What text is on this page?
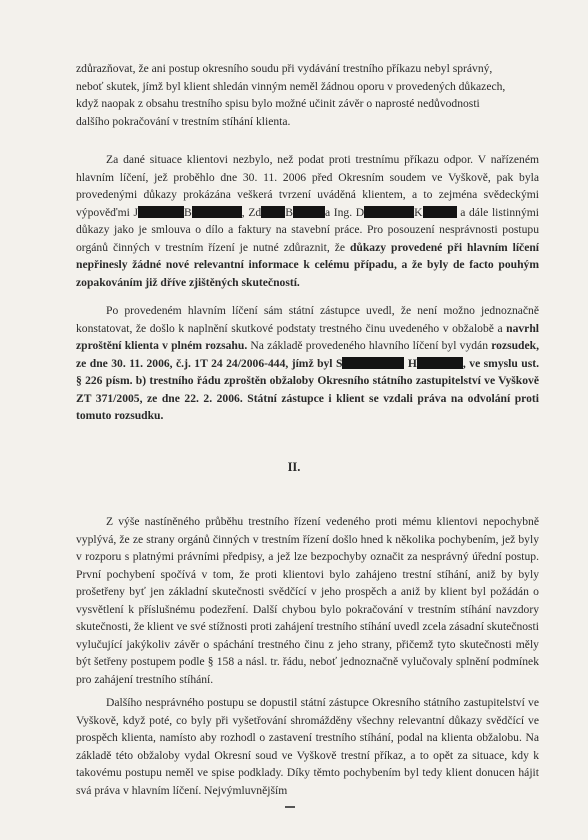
zdůrazňovat, že ani postup okresního soudu při vydávání trestního příkazu nebyl správný,
neboť skutek, jímž byl klient shledán vinným neměl žádnou oporu v provedených důkazech,
když naopak z obsahu trestního spisu bylo možné učinit závěr o naprosté nedůvodnosti
dalšího pokračování v trestním stíhání klienta.

Za dané situace klientovi nezbylo, než podat proti trestnímu příkazu odpor. V nařízeném hlavním líčení, jež proběhlo dne 30. 11. 2006 před Okresním soudem ve Vyškově, pak byla provedenými důkazy prokázána veškerá tvrzení uváděná klientem, a to zejména svědeckými výpověďmi J	B	, Zd B	a Ing. D	K	a dále listinnými důkazy jako je smlouva o dílo a faktury na stavební práce. Pro posouzení nesprávnosti postupu orgánů činných v trestním řízení je nutné zdůraznit, že důkazy provedené při hlavním líčení nepřinesly žádné nové relevantní informace k celému případu, a že byly de facto pouhým zopakováním již dříve zjištěných skutečností.

Po provedeném hlavním líčení sám státní zástupce uvedl, že není možno jednoznačně konstatovat, že došlo k naplnění skutkové podstaty trestného činu uvedeného v obžalobě a navrhl zproštění klienta v plném rozsahu. Na základě provedeného hlavního líčení byl vydán rozsudek, ze dne 30. 11. 2006, č.j. 1T 24 24/2006-444, jímž byl S	H	, ve smyslu ust. § 226 písm. b) trestního řádu zproštěn obžaloby Okresního státního zastupitelství ve Vyškově ZT 371/2005, ze dne 22. 2. 2006. Státní zástupce i klient se vzdali práva na odvolání proti tomuto rozsudku.

II.

Z výše nastíněného průběhu trestního řízení vedeného proti mému klientovi nepochybně vyplývá, že ze strany orgánů činných v trestním řízení došlo hned k několika pochybením, jež byly v rozporu s platnými právními předpisy, a jež lze bezpochyby označit za nesprávný úřední postup. První pochybení spočívá v tom, že proti klientovi bylo zahájeno trestní stíhání, aniž by byly prošetřeny byť jen základní skutečnosti svědčící v jeho prospěch a aniž by klient byl požádán o vysvětlení k příslušnému podezření. Další chybou bylo pokračování v trestním stíhání navzdory skutečnosti, že klient ve své stížnosti proti zahájení trestního stíhání uvedl zcela zásadní skutečnosti vylučující jakýkoliv závěr o spáchání trestného činu z jeho strany, přičemž tyto skutečnosti měly být šetřeny postupem podle § 158 a násl. tr. řádu, neboť jednoznačně vylučovaly splnění podmínek pro zahájení trestního stíhání.

Dalšího nesprávného postupu se dopustil státní zástupce Okresního státního zastupitelství ve Vyškově, když poté, co byly při vyšetřování shromážděny všechny relevantní důkazy svědčící ve prospěch klienta, namísto aby rozhodl o zastavení trestního stíhání, podal na klienta obžalobu. Na základě této obžaloby vydal Okresní soud ve Vyškově trestní příkaz, a to opět za situace, kdy k takovému postupu neměl ve spise podklady. Díky těmto pochybením byl tedy klient donucen hájit svá práva v hlavním líčení. Nejvýmluvnějším
